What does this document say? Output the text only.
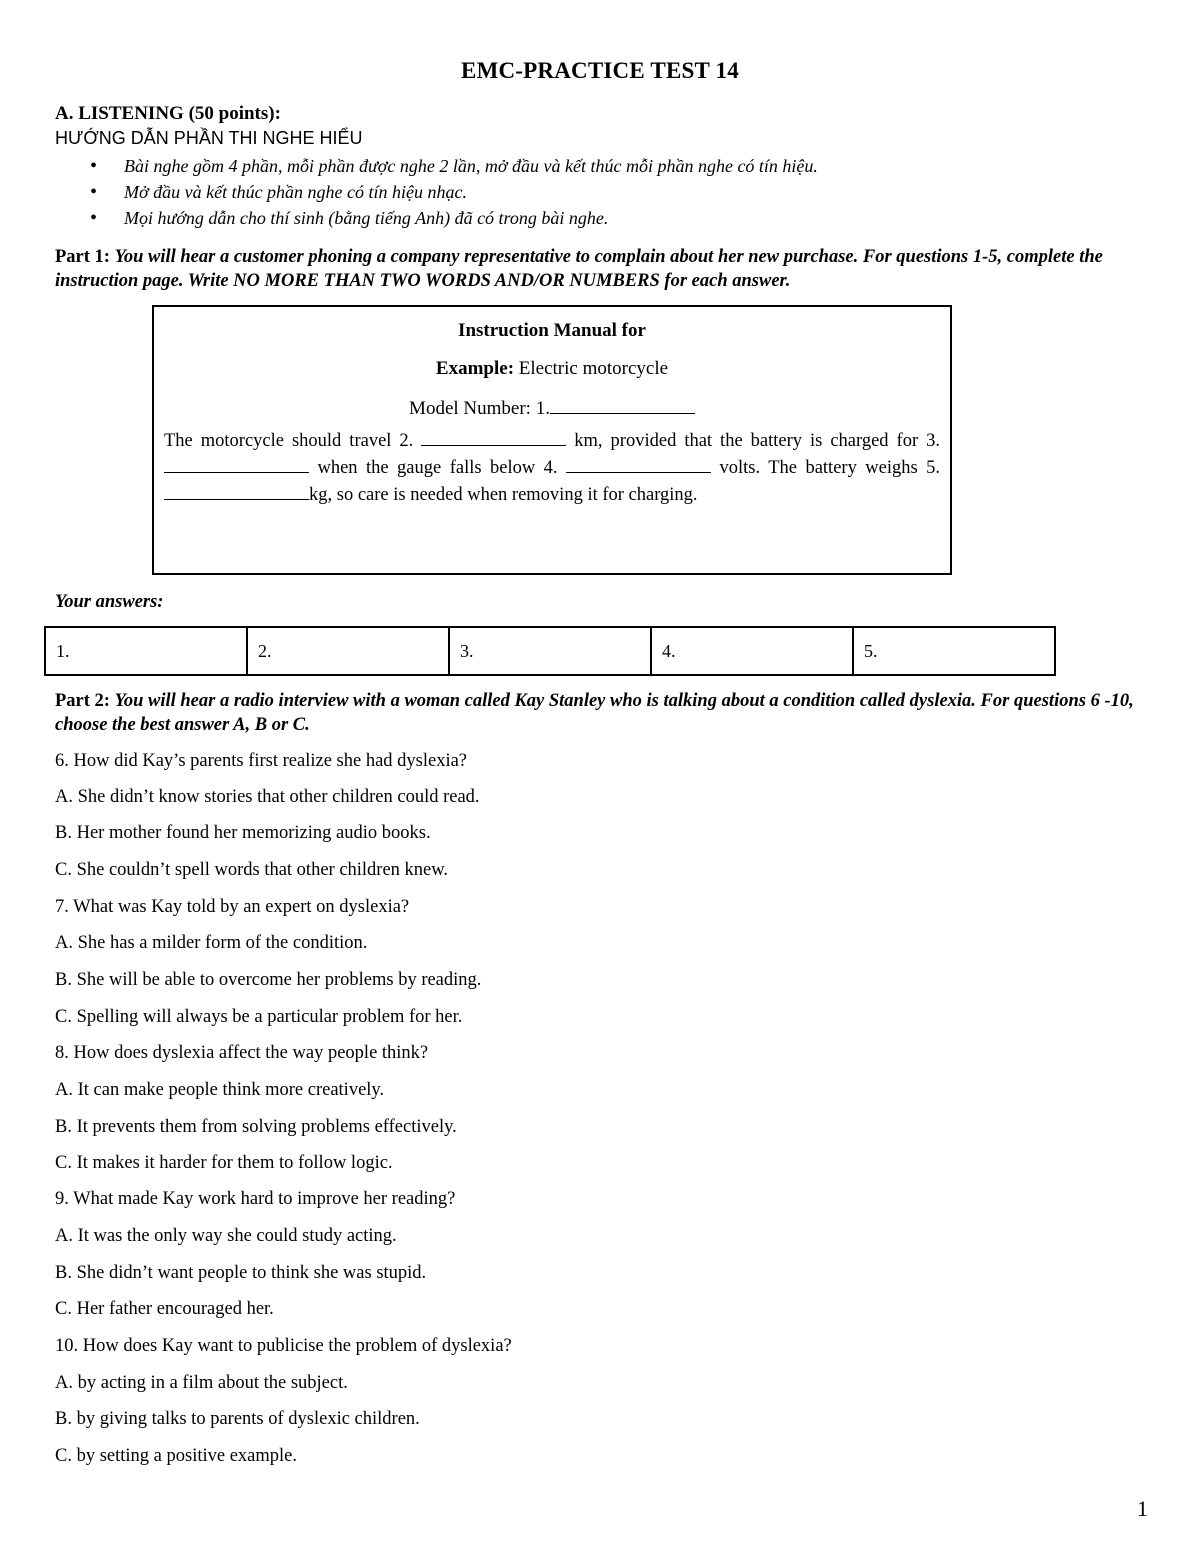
EMC-PRACTICE TEST 14
A. LISTENING (50 points):
HƯỚNG DẪN PHẦN THI NGHE HIỂU
• Bài nghe gồm 4 phần, mỗi phần được nghe 2 lần, mở đầu và kết thúc mỗi phần nghe có tín hiệu.
• Mở đầu và kết thúc phần nghe có tín hiệu nhạc.
• Mọi hướng dẫn cho thí sinh (bằng tiếng Anh) đã có trong bài nghe.
Part 1: You will hear a customer phoning a company representative to complain about her new purchase. For questions 1-5, complete the instruction page. Write NO MORE THAN TWO WORDS AND/OR NUMBERS for each answer.
Instruction Manual for
Example: Electric motorcycle
Model Number: 1.
The motorcycle should travel 2.	km, provided that the battery is charged for 3.  when the gauge falls below 4.	volts. The battery weighs 5. kg, so care is needed when removing it for charging.
Your answers:
1.	2.	3.	4.	5.
Part 2: You will hear a radio interview with a woman called Kay Stanley who is talking about a condition called dyslexia. For questions 6 -10, choose the best answer A, B or C.
6. How did Kay’s parents first realize she had dyslexia?
A. She didn’t know stories that other children could read.
B. Her mother found her memorizing audio books.
C. She couldn’t spell words that other children knew.
7. What was Kay told by an expert on dyslexia?
A. She has a milder form of the condition.
B. She will be able to overcome her problems by reading.
C. Spelling will always be a particular problem for her.
8. How does dyslexia affect the way people think?
A. It can make people think more creatively.
B. It prevents them from solving problems effectively.
C. It makes it harder for them to follow logic.
9. What made Kay work hard to improve her reading?
A. It was the only way she could study acting.
B. She didn’t want people to think she was stupid.
C. Her father encouraged her.
10. How does Kay want to publicise the problem of dyslexia?
A. by acting in a film about the subject.
B. by giving talks to parents of dyslexic children.
C. by setting a positive example.
1
